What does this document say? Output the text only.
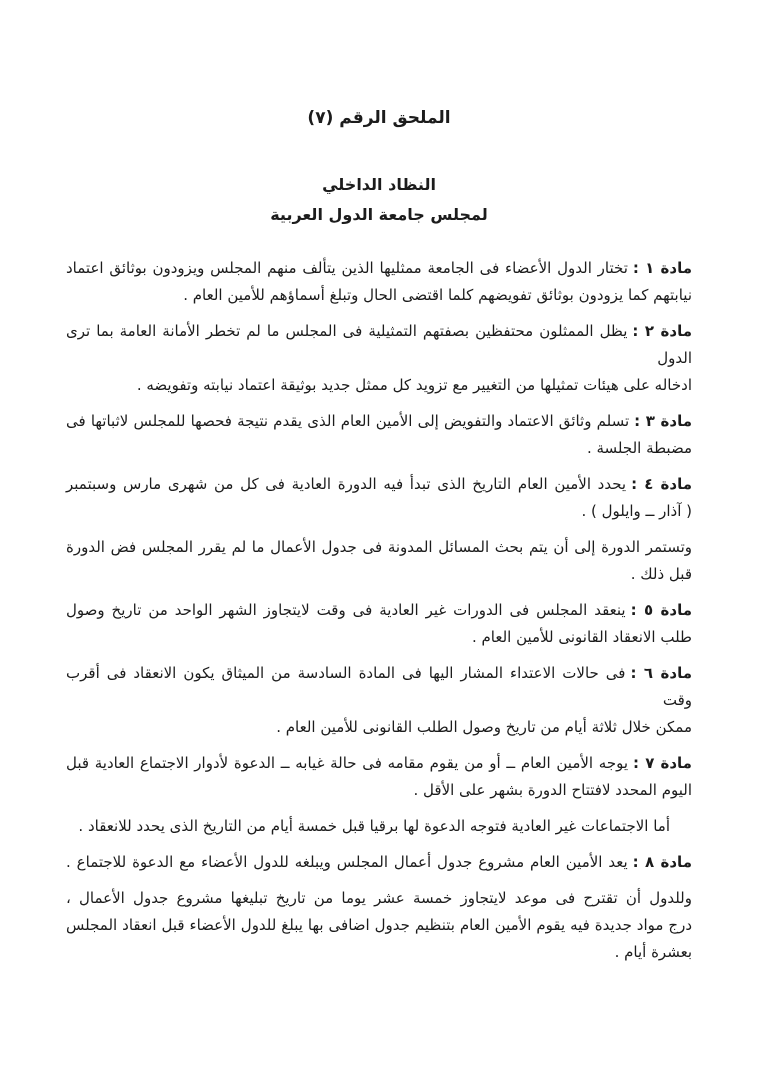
الملحق الرقم (٧)
النظاد الداخلي
لمجلس جامعة الدول العربية

مادة ١ :تختار الدول الأعضاء فى الجامعة ممثليها الذين يتألف منهم المجلس ويزودون بوثائق اعتماد
نيابتهم كما يزودون بوثائق تفويضهم كلما اقتضى الحال وتبلغ أسماؤهم للأمين العام .

مادة ٢ :يظل الممثلون محتفظين بصفتهم التمثيلية فى المجلس ما لم تخطر الأمانة العامة بما ترى الدول
ادخاله على هيئات تمثيلها من التغيير مع تزويد كل ممثل جديد بوثيقة اعتماد نيابته وتفويضه .

مادة ٣ :تسلم وثائق الاعتماد والتفويض إلى الأمين العام الذى يقدم نتيجة فحصها للمجلس لاثباتها فى
مضبطة الجلسة .

مادة ٤ :يحدد الأمين العام التاريخ الذى تبدأ فيه الدورة العادية فى كل من شهرى مارس وسبتمبر
( آذار ــ وايلول ) .

وتستمر الدورة إلى أن يتم بحث المسائل المدونة فى جدول الأعمال ما لم يقرر المجلس فض الدورة
قبل ذلك .

مادة ٥ :ينعقد المجلس فى الدورات غير العادية فى وقت لايتجاوز الشهر الواحد من تاريخ وصول
طلب الانعقاد القانونى للأمين العام .

مادة ٦ :فى حالات الاعتداء المشار اليها فى المادة السادسة من الميثاق يكون الانعقاد فى أقرب وقت
ممكن خلال ثلاثة أيام من تاريخ وصول الطلب القانونى للأمين العام .

مادة ٧ :يوجه الأمين العام ــ أو من يقوم مقامه فى حالة غيابه ــ الدعوة لأدوار الاجتماع العادية قبل
اليوم المحدد لافتتاح الدورة بشهر على الأقل .

أما الاجتماعات غير العادية فتوجه الدعوة لها برقيا قبل خمسة أيام من التاريخ الذى يحدد للانعقاد .

مادة ٨ :يعد الأمين العام مشروع جدول أعمال المجلس ويبلغه للدول الأعضاء مع الدعوة للاجتماع .

وللدول أن تقترح فى موعد لايتجاوز خمسة عشر يوما من تاريخ تبليغها مشروع جدول الأعمال ،
درج مواد جديدة فيه يقوم الأمين العام بتنظيم جدول اضافى بها يبلغ للدول الأعضاء قبل انعقاد المجلس
بعشرة أيام .
